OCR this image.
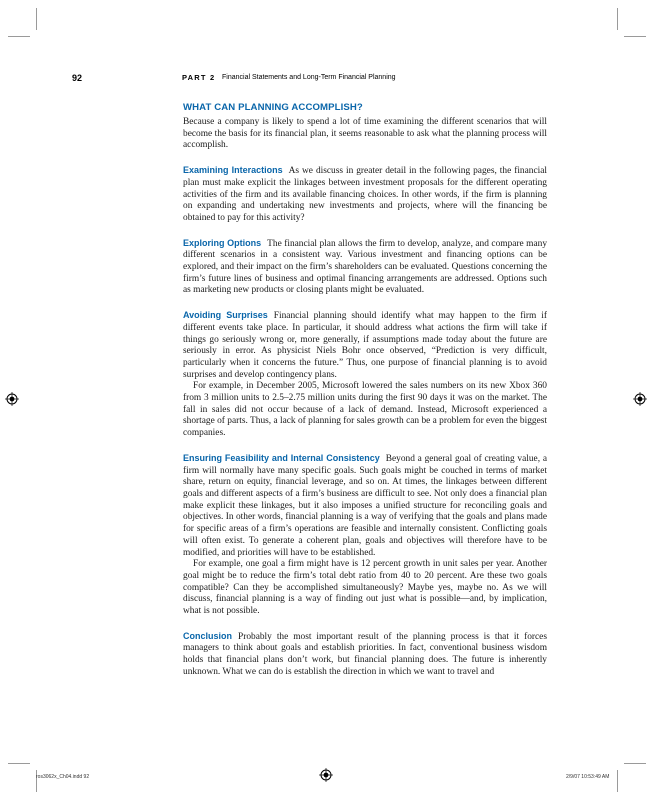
92	PART 2 Financial Statements and Long-Term Financial Planning
WHAT CAN PLANNING ACCOMPLISH?

Because a company is likely to spend a lot of time examining the different scenarios that will become the basis for its financial plan, it seems reasonable to ask what the planning process will accomplish.

Examining Interactions As we discuss in greater detail in the following pages, the financial plan must make explicit the linkages between investment proposals for the different operating activities of the firm and its available financing choices. In other words, if the firm is planning on expanding and undertaking new investments and projects, where will the financing be obtained to pay for this activity?

Exploring Options The financial plan allows the firm to develop, analyze, and compare many different scenarios in a consistent way. Various investment and financing options can be explored, and their impact on the firm’s shareholders can be evaluated. Questions concerning the firm’s future lines of business and optimal financing arrangements are addressed. Options such as marketing new products or closing plants might be evaluated.

Avoiding Surprises Financial planning should identify what may happen to the firm if different events take place. In particular, it should address what actions the firm will take if things go seriously wrong or, more generally, if assumptions made today about the future are seriously in error. As physicist Niels Bohr once observed, “Prediction is very difficult, particularly when it concerns the future.” Thus, one purpose of financial planning is to avoid surprises and develop contingency plans.

For example, in December 2005, Microsoft lowered the sales numbers on its new Xbox 360 from 3 million units to 2.5–2.75 million units during the first 90 days it was on the market. The fall in sales did not occur because of a lack of demand. Instead, Microsoft experienced a shortage of parts. Thus, a lack of planning for sales growth can be a problem for even the biggest companies.

Ensuring Feasibility and Internal Consistency Beyond a general goal of creating value, a firm will normally have many specific goals. Such goals might be couched in terms of market share, return on equity, financial leverage, and so on. At times, the linkages between different goals and different aspects of a firm’s business are difficult to see. Not only does a financial plan make explicit these linkages, but it also imposes a unified structure for reconciling goals and objectives. In other words, financial planning is a way of verifying that the goals and plans made for specific areas of a firm’s operations are feasible and internally consistent. Conflicting goals will often exist. To generate a coherent plan, goals and objectives will therefore have to be modified, and priorities will have to be established.

For example, one goal a firm might have is 12 percent growth in unit sales per year. Another goal might be to reduce the firm’s total debt ratio from 40 to 20 percent. Are these two goals compatible? Can they be accomplished simultaneously? Maybe yes, maybe no. As we will discuss, financial planning is a way of finding out just what is possible—and, by implication, what is not possible.

Conclusion Probably the most important result of the planning process is that it forces managers to think about goals and establish priorities. In fact, conventional business wisdom holds that financial plans don’t work, but financial planning does. The future is inherently unknown. What we can do is establish the direction in which we want to travel and

ros3062x_Ch04.indd 92	2/9/07 10:53:49 AM
